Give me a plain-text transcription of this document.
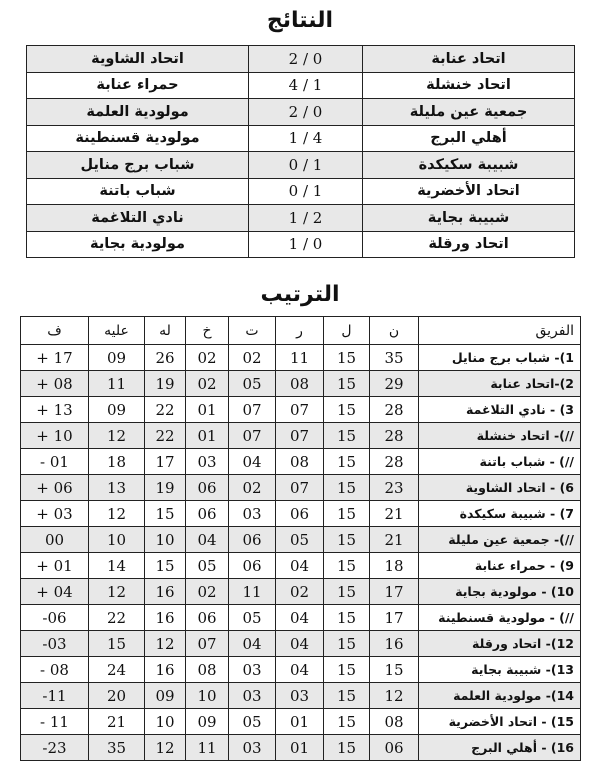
النتائج
اتحاد عنابة	0 / 2	اتحاد الشاوية
اتحاد خنشلة	1 / 4	حمراء عنابة
جمعية عين مليلة	0 / 2	مولودية العلمة
أهلي البرج	4 / 1	مولودية قسنطينة
شبيبة سكيكدة	1 / 0	شباب برج منايل
اتحاد الأخضرية	1 / 0	شباب باتنة
شبيبة بجاية	2 / 1	نادي التلاغمة
اتحاد ورقلة	0 / 1	مولودية بجاية
الترتيب
الفريق	ن	ل	ر	ت	خ	له	عليه	ف
1)- شباب برج منايل	35	15	11	02	02	26	09	17 +
2)-اتحاد عنابة	29	15	08	05	02	19	11	08 +
3) - نادي التلاغمة	28	15	07	07	01	22	09	13 +
//)- اتحاد خنشلة	28	15	07	07	01	22	12	10 +
//) - شباب باتنة	28	15	08	04	03	17	18	01 -
6) - اتحاد الشاوية	23	15	07	02	06	19	13	06 +
7) - شبيبة سكيكدة	21	15	06	03	06	15	12	03 +
//)- جمعية عين مليلة	21	15	05	06	04	10	10	00
9) - حمراء عنابة	18	15	04	06	05	15	14	01 +
10) - مولودية بجاية	17	15	02	11	02	16	12	04 +
//) - مولودية قسنطينة	17	15	04	05	06	16	22	06-
12)- اتحاد ورقلة	16	15	04	04	07	12	15	03-
13)- شبيبة بجاية	15	15	04	03	08	16	24	08 -
14)- مولودية العلمة	12	15	03	03	10	09	20	11-
15) - اتحاد الأخضرية	08	15	01	05	09	10	21	11 -
16) - أهلي البرج	06	15	01	03	11	12	35	23-
